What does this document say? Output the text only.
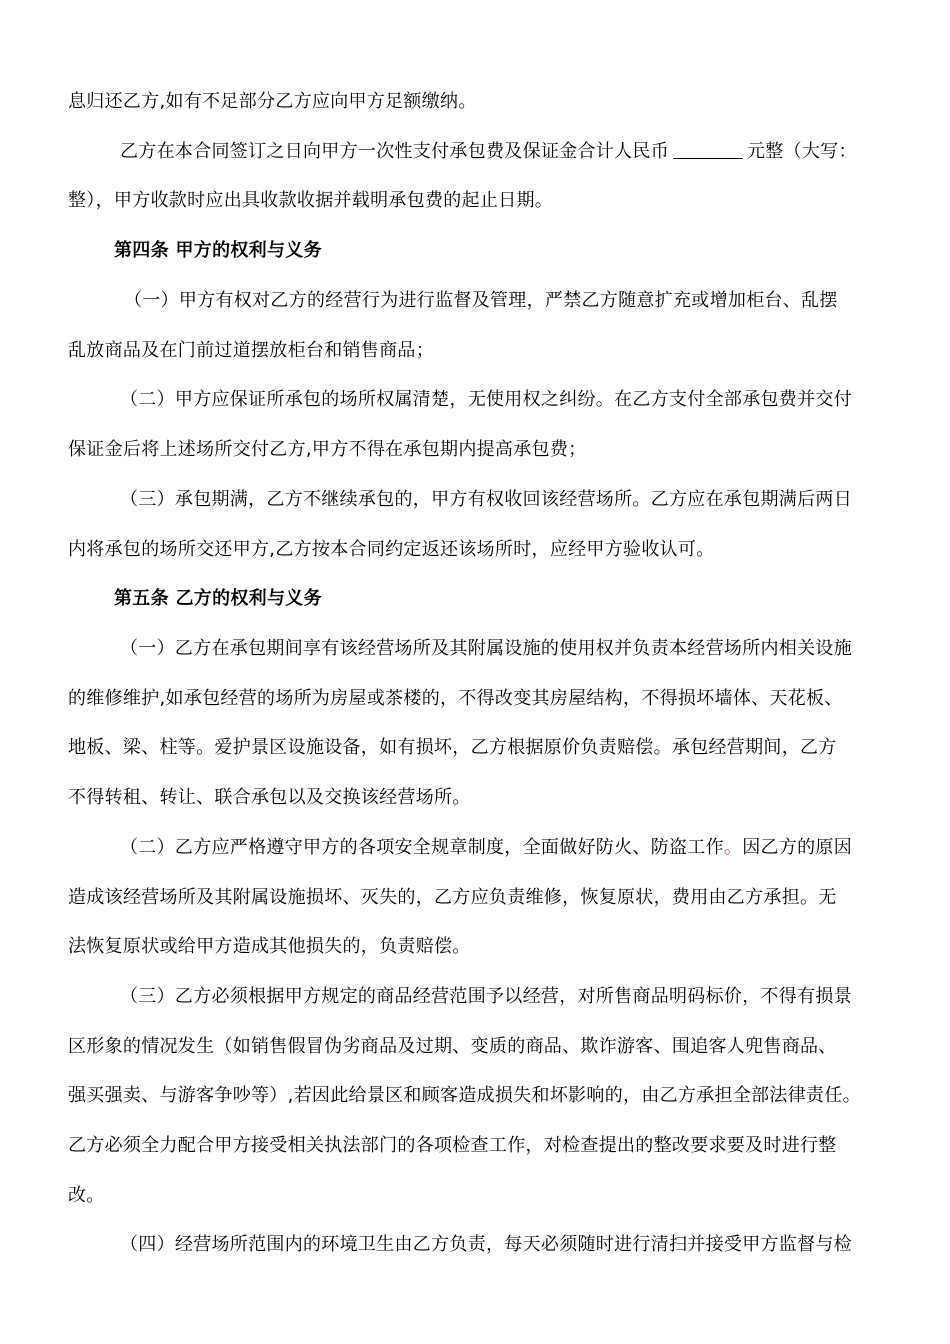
息归还乙方,如有不足部分乙方应向甲方足额缴纳。
乙方在本合同签订之日向甲方一次性支付承包费及保证金合计人民币	元整（大写：
整），甲方收款时应出具收款收据并载明承包费的起止日期。
第四条 甲方的权利与义务
（一）甲方有权对乙方的经营行为进行监督及管理，严禁乙方随意扩充或增加柜台、乱摆
乱放商品及在门前过道摆放柜台和销售商品；
（二）甲方应保证所承包的场所权属清楚，无使用权之纠纷。在乙方支付全部承包费并交付
保证金后将上述场所交付乙方,甲方不得在承包期内提高承包费；
（三）承包期满，乙方不继续承包的，甲方有权收回该经营场所。乙方应在承包期满后两日
内将承包的场所交还甲方,乙方按本合同约定返还该场所时，应经甲方验收认可。
第五条 乙方的权利与义务
（一）乙方在承包期间享有该经营场所及其附属设施的使用权并负责本经营场所内相关设施
的维修维护,如承包经营的场所为房屋或茶楼的，不得改变其房屋结构，不得损坏墙体、天花板、
地板、梁、柱等。爱护景区设施设备，如有损坏，乙方根据原价负责赔偿。承包经营期间，乙方
不得转租、转让、联合承包以及交换该经营场所。
（二）乙方应严格遵守甲方的各项安全规章制度，全面做好防火、防盗工作。因乙方的原因
造成该经营场所及其附属设施损坏、灭失的，乙方应负责维修，恢复原状，费用由乙方承担。无
法恢复原状或给甲方造成其他损失的，负责赔偿。
（三）乙方必须根据甲方规定的商品经营范围予以经营，对所售商品明码标价，不得有损景
区形象的情况发生（如销售假冒伪劣商品及过期、变质的商品、欺诈游客、围追客人兜售商品、
强买强卖、与游客争吵等）,若因此给景区和顾客造成损失和坏影响的，由乙方承担全部法律责任。
乙方必须全力配合甲方接受相关执法部门的各项检查工作，对检查提出的整改要求要及时进行整
改。
（四）经营场所范围内的环境卫生由乙方负责，每天必须随时进行清扫并接受甲方监督与检
